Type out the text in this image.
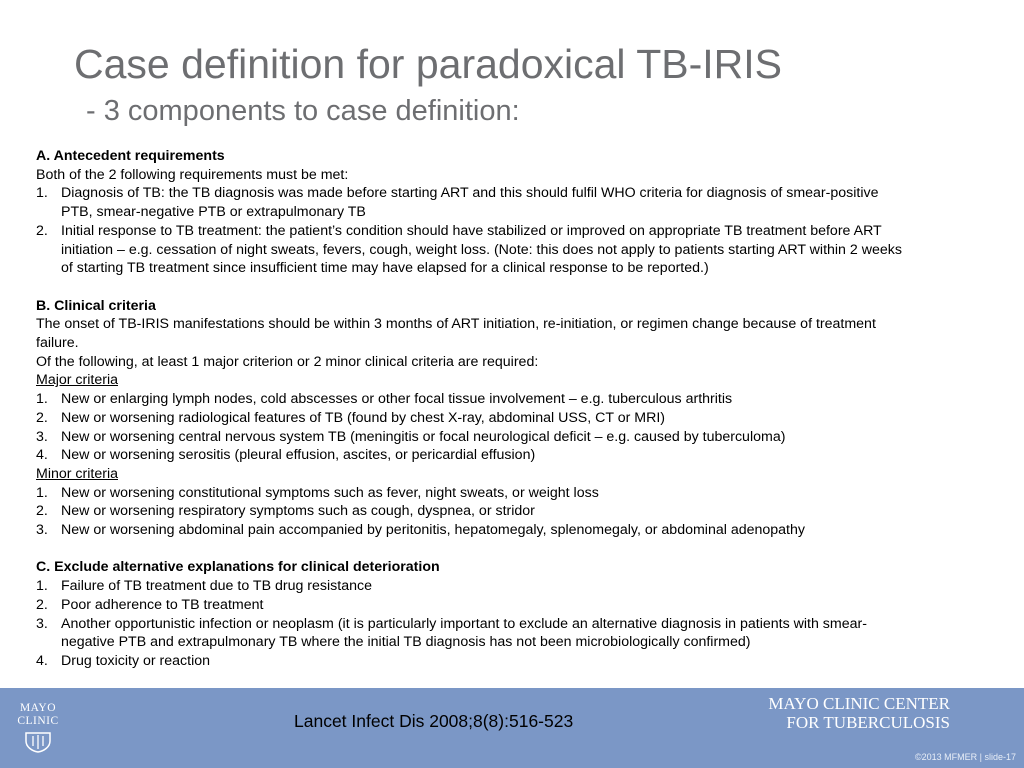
Case definition for paradoxical TB-IRIS
- 3 components to case definition:
A. Antecedent requirements
Both of the 2 following requirements must be met:
1. Diagnosis of TB: the TB diagnosis was made before starting ART and this should fulfil WHO criteria for diagnosis of smear-positive
PTB, smear-negative PTB or extrapulmonary TB
2. Initial response to TB treatment: the patient’s condition should have stabilized or improved on appropriate TB treatment before ART
initiation – e.g. cessation of night sweats, fevers, cough, weight loss. (Note: this does not apply to patients starting ART within 2 weeks
of starting TB treatment since insufficient time may have elapsed for a clinical response to be reported.)
B. Clinical criteria
The onset of TB-IRIS manifestations should be within 3 months of ART initiation, re-initiation, or regimen change because of treatment
failure.
Of the following, at least 1 major criterion or 2 minor clinical criteria are required:
Major criteria
1. New or enlarging lymph nodes, cold abscesses or other focal tissue involvement – e.g. tuberculous arthritis
2. New or worsening radiological features of TB (found by chest X-ray, abdominal USS, CT or MRI)
3. New or worsening central nervous system TB (meningitis or focal neurological deficit – e.g. caused by tuberculoma)
4. New or worsening serositis (pleural effusion, ascites, or pericardial effusion)
Minor criteria
1. New or worsening constitutional symptoms such as fever, night sweats, or weight loss
2. New or worsening respiratory symptoms such as cough, dyspnea, or stridor
3. New or worsening abdominal pain accompanied by peritonitis, hepatomegaly, splenomegaly, or abdominal adenopathy
C. Exclude alternative explanations for clinical deterioration
1. Failure of TB treatment due to TB drug resistance
2. Poor adherence to TB treatment
3. Another opportunistic infection or neoplasm (it is particularly important to exclude an alternative diagnosis in patients with smear-
negative PTB and extrapulmonary TB where the initial TB diagnosis has not been microbiologically confirmed)
4. Drug toxicity or reaction
MAYO
CLINIC	Lancet Infect Dis 2008;8(8):516-523
MAYO CLINIC CENTER
FOR TUBERCULOSIS
©2013 MFMER | slide-17
